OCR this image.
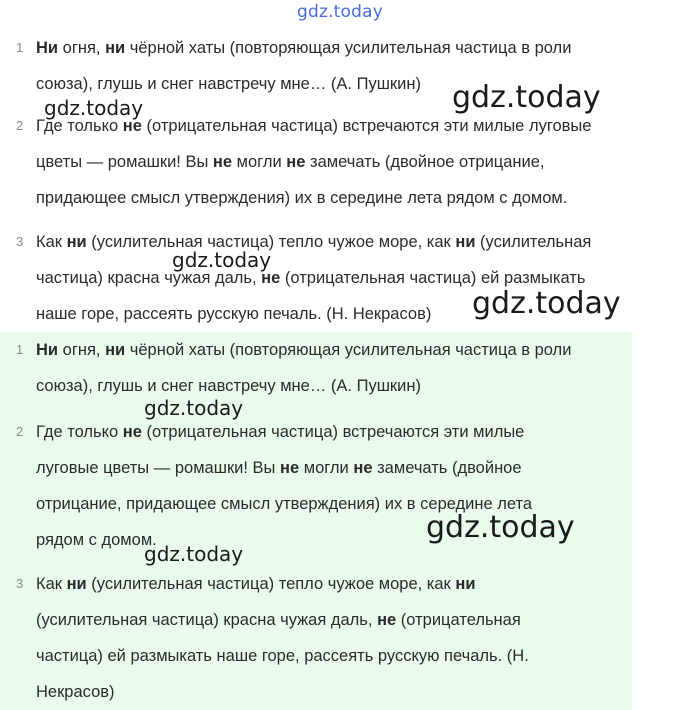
gdz.today
1 Ни огня, ни чёрной хаты (повторяющая усилительная частица в роли
союза), глушь и снег навстречу мне… (А. Пушкин)
2 Где только не (отрицательная частица) встречаются эти милые луговые
цветы — ромашки! Вы не могли не замечать (двойное отрицание,
придающее смысл утверждения) их в середине лета рядом с домом.
3 Как ни (усилительная частица) тепло чужое море, как ни (усилительная
частица) красна чужая даль, не (отрицательная частица) ей размыкать
наше горе, рассеять русскую печаль. (Н. Некрасов)
1 Ни огня, ни чёрной хаты (повторяющая усилительная частица в роли
союза), глушь и снег навстречу мне… (А. Пушкин)
2 Где только не (отрицательная частица) встречаются эти милые
луговые цветы — ромашки! Вы не могли не замечать (двойное
отрицание, придающее смысл утверждения) их в середине лета
рядом с домом.
3 Как ни (усилительная частица) тепло чужое море, как ни
(усилительная частица) красна чужая даль, не (отрицательная
частица) ей размыкать наше горе, рассеять русскую печаль. (Н.
Некрасов)
gdz.today	gdz.today
gdz.today
gdz.today
gdz.today
gdz.today
gdz.today
